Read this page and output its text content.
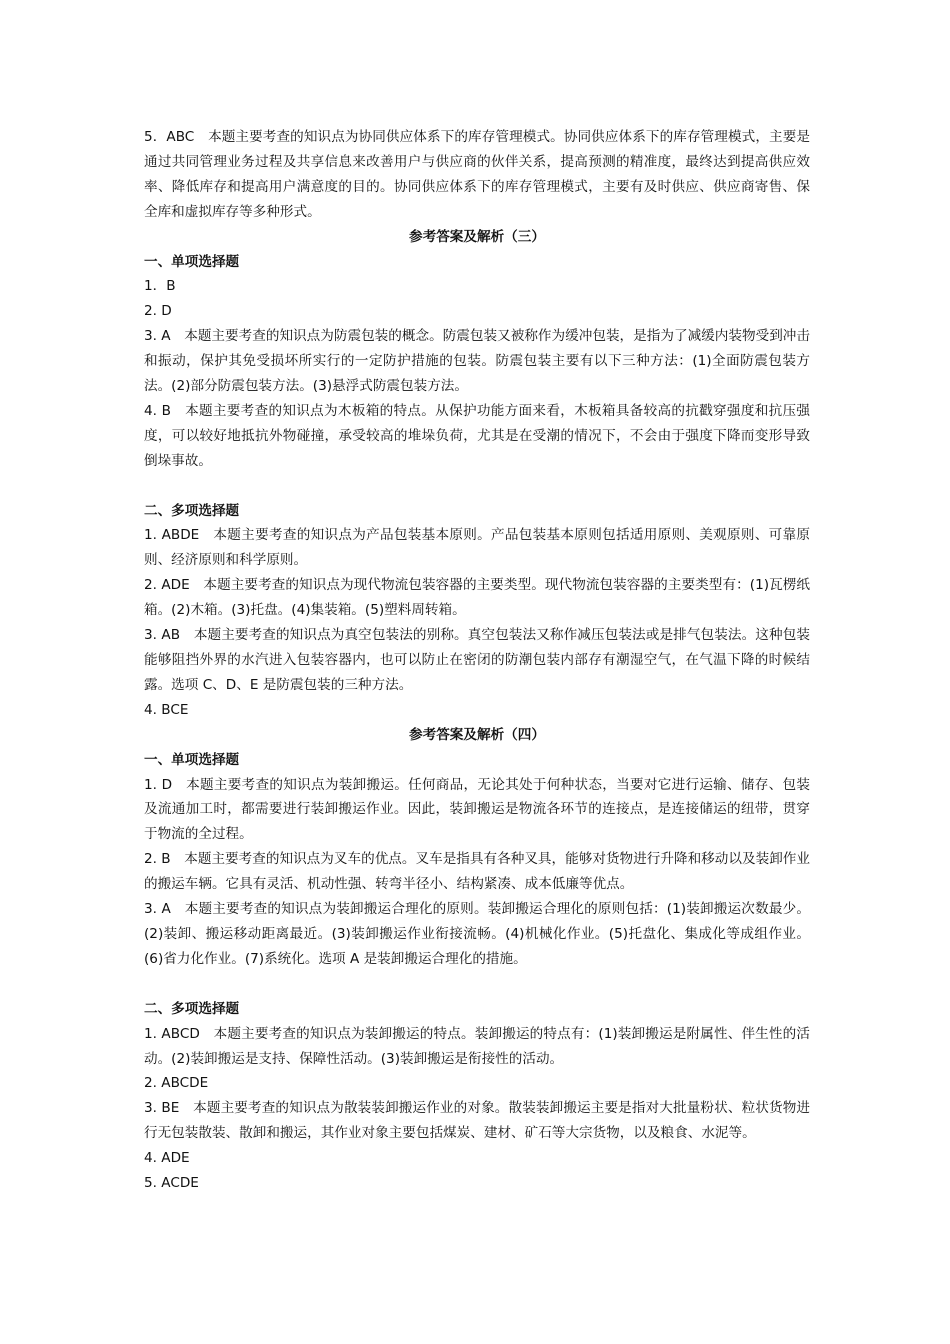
5．ABC　本题主要考查的知识点为协同供应体系下的库存管理模式。协同供应体系下的库存管理模式，主要是通过共同管理业务过程及共享信息来改善用户与供应商的伙伴关系，提高预测的精准度，最终达到提高供应效率、降低库存和提高用户满意度的目的。协同供应体系下的库存管理模式，主要有及时供应、供应商寄售、保全库和虚拟库存等多种形式。

参考答案及解析（三）

一、单项选择题

1．B

2. D

3. A　本题主要考查的知识点为防震包装的概念。防震包装又被称作为缓冲包装，是指为了减缓内装物受到冲击和振动，保护其免受损坏所实行的一定防护措施的包装。防震包装主要有以下三种方法：(1)全面防震包装方法。(2)部分防震包装方法。(3)悬浮式防震包装方法。

4. B　本题主要考查的知识点为木板箱的特点。从保护功能方面来看，木板箱具备较高的抗戳穿强度和抗压强度，可以较好地抵抗外物碰撞，承受较高的堆垛负荷，尤其是在受潮的情况下，不会由于强度下降而变形导致倒垛事故。

二、多项选择题

1. ABDE　本题主要考查的知识点为产品包装基本原则。产品包装基本原则包括适用原则、美观原则、可靠原则、经济原则和科学原则。

2. ADE　本题主要考查的知识点为现代物流包装容器的主要类型。现代物流包装容器的主要类型有：(1)瓦楞纸箱。(2)木箱。(3)托盘。(4)集装箱。(5)塑料周转箱。

3. AB　本题主要考查的知识点为真空包装法的别称。真空包装法又称作减压包装法或是排气包装法。这种包装能够阻挡外界的水汽进入包装容器内，也可以防止在密闭的防潮包装内部存有潮湿空气，在气温下降的时候结露。选项 C、D、E 是防震包装的三种方法。

4. BCE

参考答案及解析（四）

一、单项选择题

1. D　本题主要考查的知识点为装卸搬运。任何商品，无论其处于何种状态，当要对它进行运输、储存、包装及流通加工时，都需要进行装卸搬运作业。因此，装卸搬运是物流各环节的连接点，是连接储运的纽带，贯穿于物流的全过程。

2. B　本题主要考查的知识点为叉车的优点。叉车是指具有各种叉具，能够对货物进行升降和移动以及装卸作业的搬运车辆。它具有灵活、机动性强、转弯半径小、结构紧凑、成本低廉等优点。

3. A　本题主要考查的知识点为装卸搬运合理化的原则。装卸搬运合理化的原则包括：(1)装卸搬运次数最少。(2)装卸、搬运移动距离最近。(3)装卸搬运作业衔接流畅。(4)机械化作业。(5)托盘化、集成化等成组作业。(6)省力化作业。(7)系统化。选项 A 是装卸搬运合理化的措施。

二、多项选择题

1. ABCD　本题主要考查的知识点为装卸搬运的特点。装卸搬运的特点有：(1)装卸搬运是附属性、伴生性的活动。(2)装卸搬运是支持、保障性活动。(3)装卸搬运是衔接性的活动。

2. ABCDE

3. BE　本题主要考查的知识点为散装装卸搬运作业的对象。散装装卸搬运主要是指对大批量粉状、粒状货物进行无包装散装、散卸和搬运，其作业对象主要包括煤炭、建材、矿石等大宗货物，以及粮食、水泥等。

4. ADE

5. ACDE
